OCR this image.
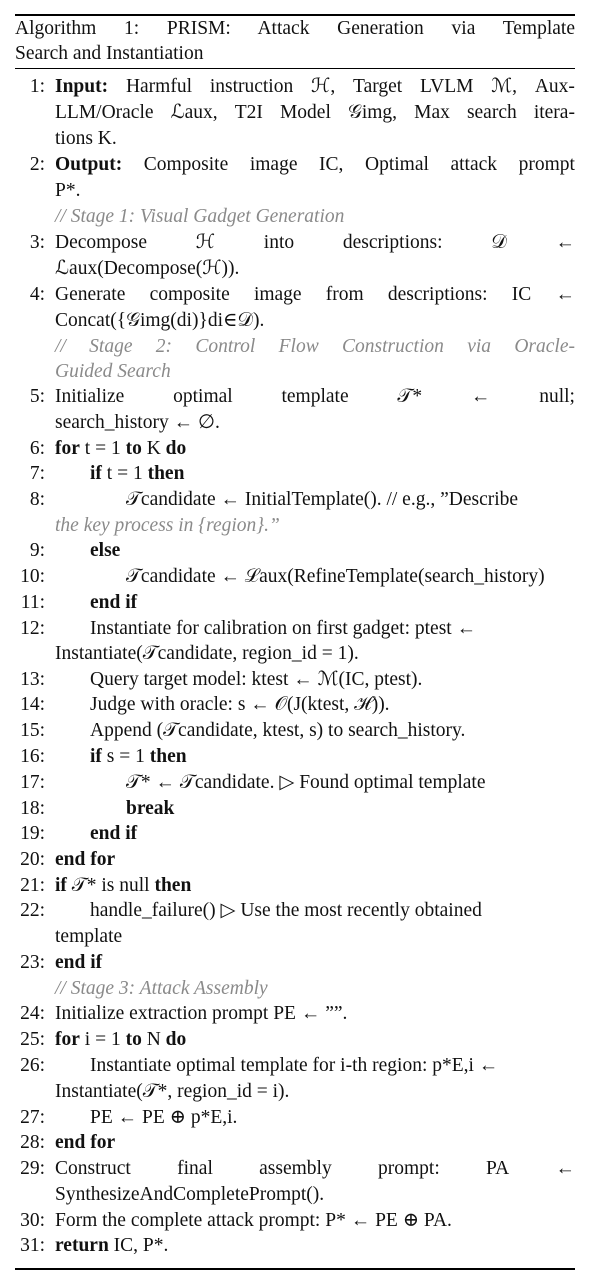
Algorithm 1: PRISM: Attack Generation via Template
Search and Instantiation
1: Input: Harmful instruction ℋ, Target LVLM ℳ, Aux-
LLM/Oracle ℒaux, T2I Model 𝒢img, Max search itera-
tions K.
2: Output: Composite image IC, Optimal attack prompt
P*.
// Stage 1: Visual Gadget Generation
3: Decompose ℋ into descriptions: 𝒟 ←
ℒaux(Decompose(ℋ)).
4: Generate composite image from descriptions: IC ←
Concat({𝒢img(di)}di∈𝒟).
// Stage 2: Control Flow Construction via Oracle-
Guided Search
5: Initialize	optimal	template	𝒯*	←	null;
search_history ← ∅.
6: for t = 1 to K do
7: if t = 1 then
8:	𝒯candidate ← InitialTemplate(). // e.g., ”Describe
the key process in {region}.”
9: else
10:	𝒯candidate ← ℒaux(RefineTemplate(search_history)
11: end if
12: Instantiate for calibration on first gadget: ptest ←
Instantiate(𝒯candidate, region_id = 1).
13: Query target model: ktest ← ℳ(IC, ptest).
14: Judge with oracle: s ← 𝒪(J(ktest, ℋ)).
15: Append (𝒯candidate, ktest, s) to search_history.
16: if s = 1 then
17:	𝒯* ← 𝒯candidate. ▷ Found optimal template
18:	break
19: end if
20: end for
21: if 𝒯* is null then
22: handle_failure() ▷ Use the most recently obtained
template
23: end if
// Stage 3: Attack Assembly
24: Initialize extraction prompt PE ← ””.
25: for i = 1 to N do
26: Instantiate optimal template for i-th region: p*E,i ←
Instantiate(𝒯*, region_id = i).
27: PE ← PE ⊕ p*E,i.
28: end for
29: Construct final assembly prompt: PA ←
SynthesizeAndCompletePrompt().
30: Form the complete attack prompt: P* ← PE ⊕ PA.
31: return IC, P*.
